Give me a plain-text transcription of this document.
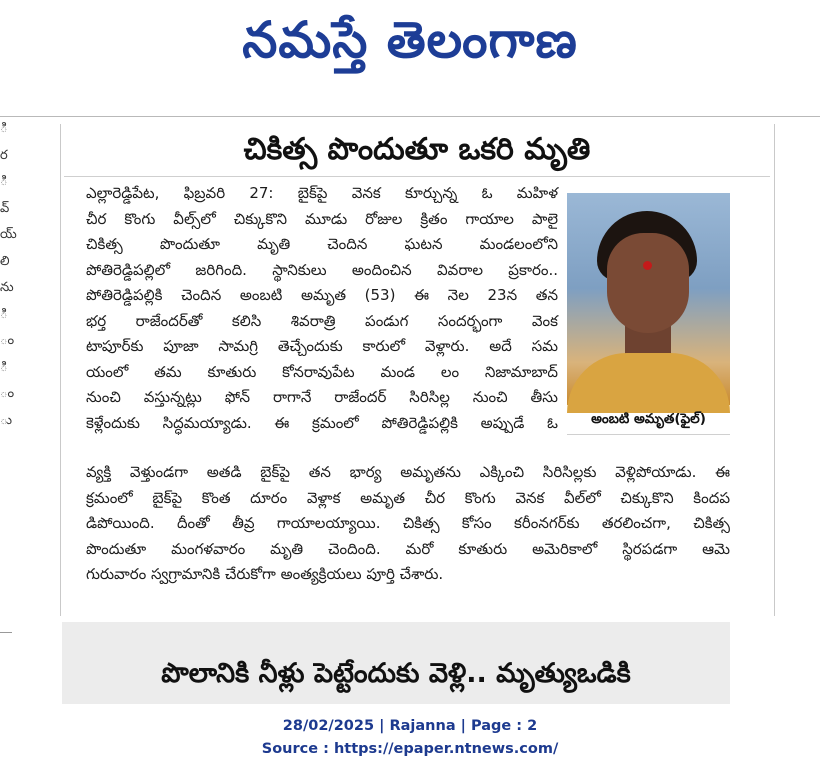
నమస్తే తెలంగాణ
ి
ర
ి
వ్
య్
లి
ను
ి
ం
ి
ం
ు
చికిత్స పొందుతూ ఒకరి మృతి
అంబటి అమృత(ఫైల్)
ఎల్లారెడ్డిపేట, ఫిబ్రవరి 27: బైక్‌పై వెనక కూర్చున్న ఓ మహిళ
చీర కొంగు వీల్స్‌లో చిక్కుకొని మూడు రోజుల క్రితం గాయాల పాలై
చికిత్స పొందుతూ మృతి చెందిన ఘటన మండలంలోని
పోతిరెడ్డిపల్లిలో జరిగింది. స్థానికులు అందించిన వివరాల ప్రకారం..
పోతిరెడ్డిపల్లికి చెందిన అంబటి అమృత (53) ఈ నెల 23న తన
భర్త రాజేందర్‌తో కలిసి శివరాత్రి పండుగ సందర్భంగా వెంక
టాపూర్‌కు పూజా సామగ్రి తెచ్చేందుకు కారులో వెళ్లారు. అదే సమ
యంలో తమ కూతురు కోనరావుపేట మండ లం నిజామాబాద్
నుంచి వస్తున్నట్లు ఫోన్ రాగానే రాజేందర్ సిరిసిల్ల నుంచి తీసు
కెళ్లేందుకు సిద్ధమయ్యాడు. ఈ క్రమంలో పోతిరెడ్డిపల్లికి అప్పుడే ఓ
వ్యక్తి వెళ్తుండగా అతడి బైక్‌పై తన భార్య అమృతను ఎక్కించి సిరిసిల్లకు వెళ్లిపోయాడు. ఈ
క్రమంలో బైక్‌పై కొంత దూరం వెళ్లాక అమృత చీర కొంగు వెనక వీల్‌లో చిక్కుకొని కిందప
డిపోయింది. దీంతో తీవ్ర గాయాలయ్యాయి. చికిత్స కోసం కరీంనగర్‌కు తరలించగా, చికిత్స
పొందుతూ మంగళవారం మృతి చెందింది. మరో కూతురు అమెరికాలో స్థిరపడగా ఆమె
గురువారం స్వగ్రామానికి చేరుకోగా అంత్యక్రియలు పూర్తి చేశారు.
పొలానికి నీళ్లు పెట్టేందుకు వెళ్లి.. మృత్యుఒడికి
28/02/2025 | Rajanna | Page : 2
Source : https://epaper.ntnews.com/
